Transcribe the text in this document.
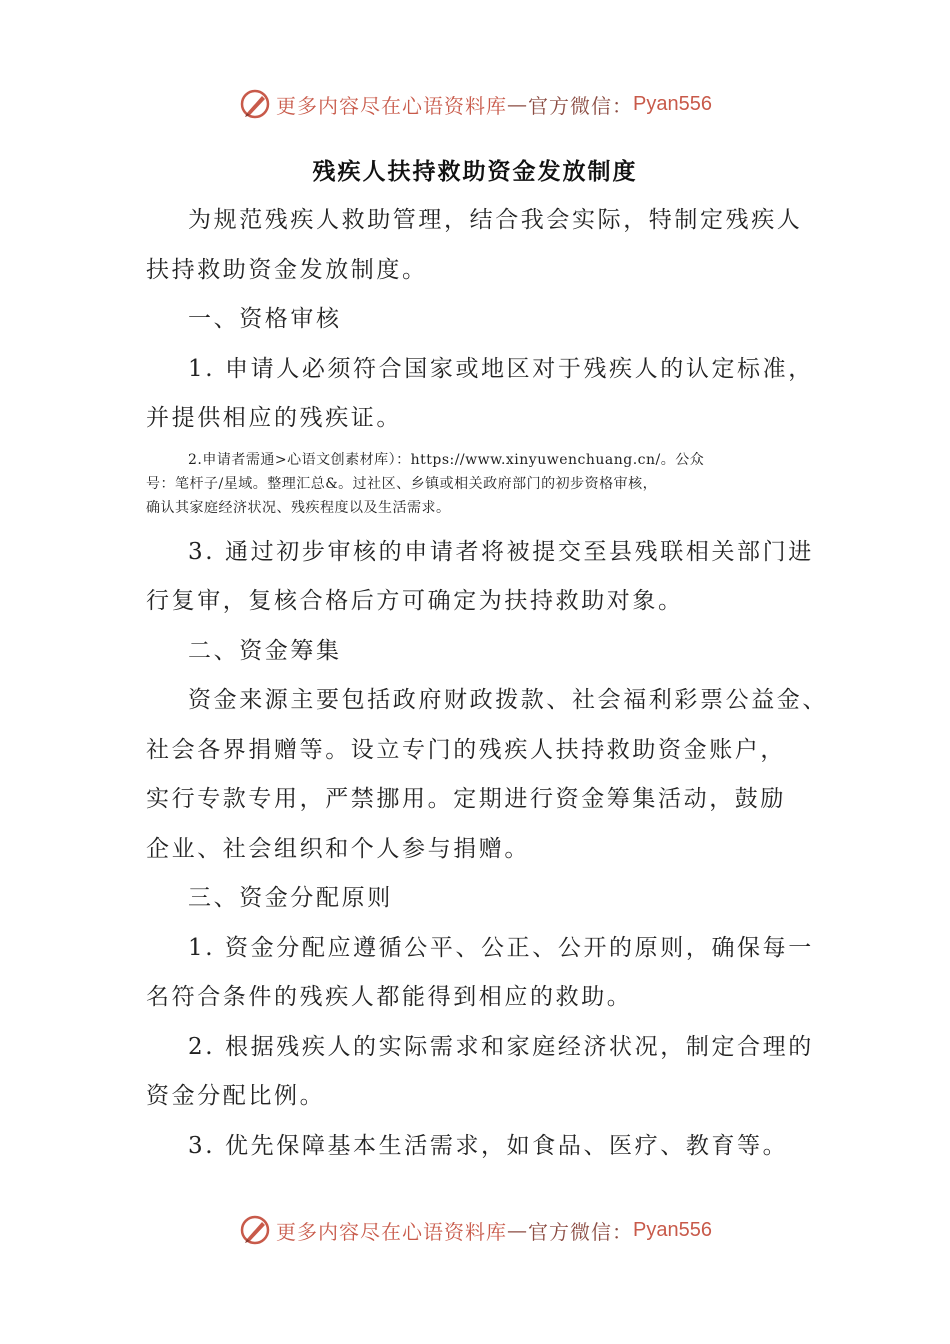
更多内容尽在心语资料库 — 官方微信： Pyan556
残疾人扶持救助资金发放制度

为规范残疾人救助管理，结合我会实际，特制定残疾人

扶持救助资金发放制度。

一、资格审核

1. 申请人必须符合国家或地区对于残疾人的认定标准，

并提供相应的残疾证。

2.申请者需通>心语文创素材库）：https://www.xinyuwenchuang.cn/。公众

号：笔杆子/星域。整理汇总&。过社区、乡镇或相关政府部门的初步资格审核，

确认其家庭经济状况、残疾程度以及生活需求。

3. 通过初步审核的申请者将被提交至县残联相关部门进

行复审，复核合格后方可确定为扶持救助对象。

二、资金筹集

资金来源主要包括政府财政拨款、社会福利彩票公益金、

社会各界捐赠等。设立专门的残疾人扶持救助资金账户，

实行专款专用，严禁挪用。定期进行资金筹集活动，鼓励

企业、社会组织和个人参与捐赠。

三、资金分配原则

1. 资金分配应遵循公平、公正、公开的原则，确保每一

名符合条件的残疾人都能得到相应的救助。

2. 根据残疾人的实际需求和家庭经济状况，制定合理的

资金分配比例。

3. 优先保障基本生活需求，如食品、医疗、教育等。

更多内容尽在心语资料库 — 官方微信： Pyan556
